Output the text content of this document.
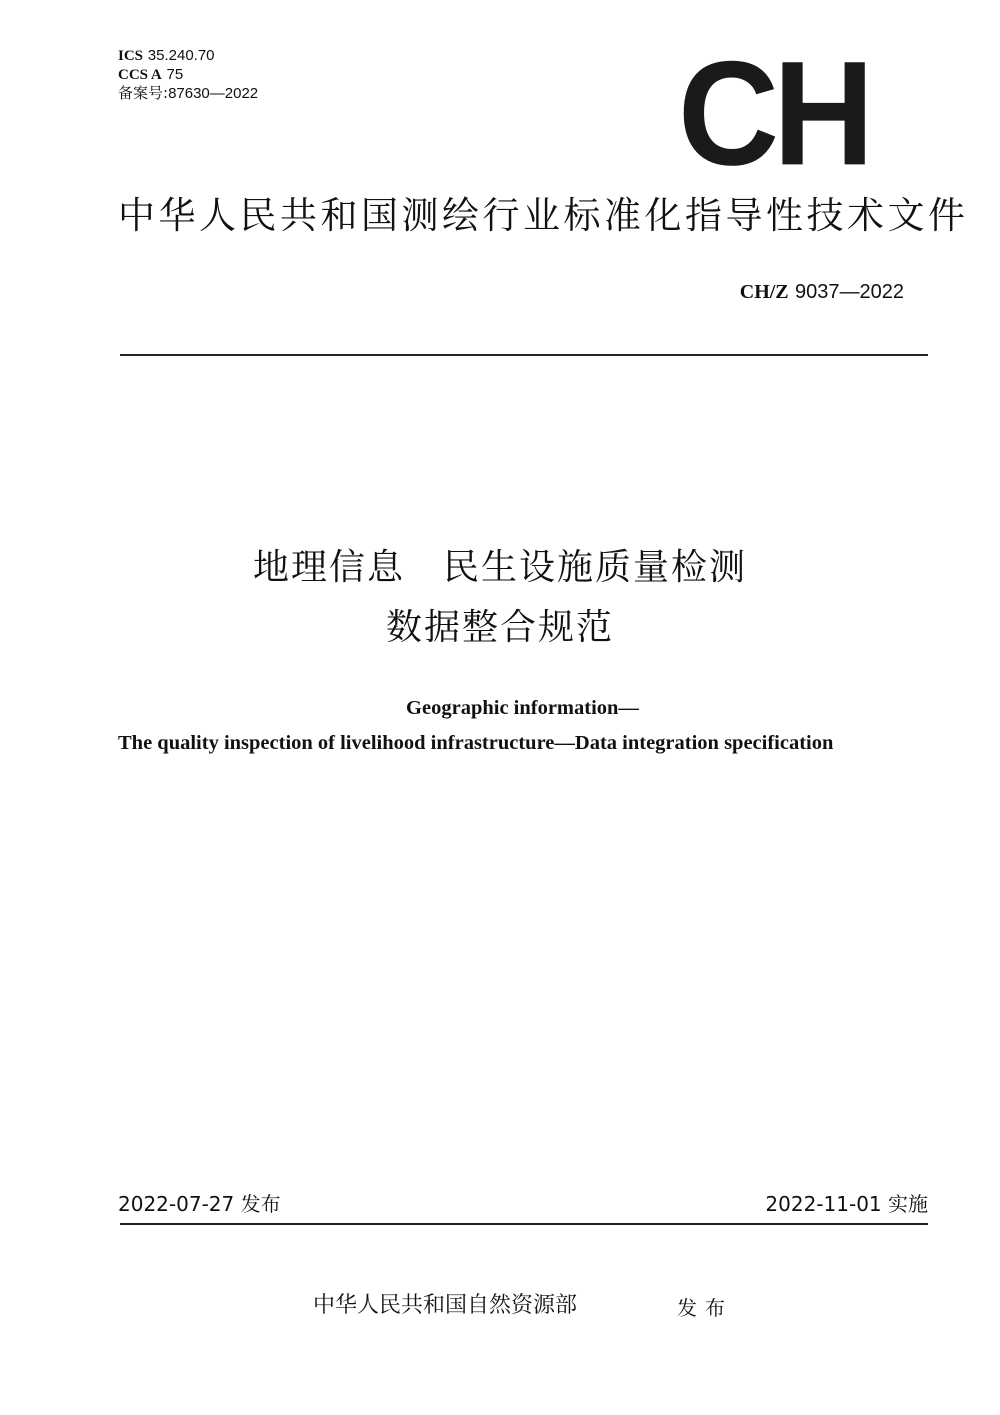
ICS 35.240.70
CCS A 75
备案号:87630—2022	CH
中华人民共和国测绘行业标准化指导性技术文件
CH/Z 9037—2022
地理信息　民生设施质量检测
数据整合规范
Geographic information—
The quality inspection of livelihood infrastructure—Data integration specification
2022-07-27 发布	2022-11-01 实施
中华人民共和国自然资源部	发布
